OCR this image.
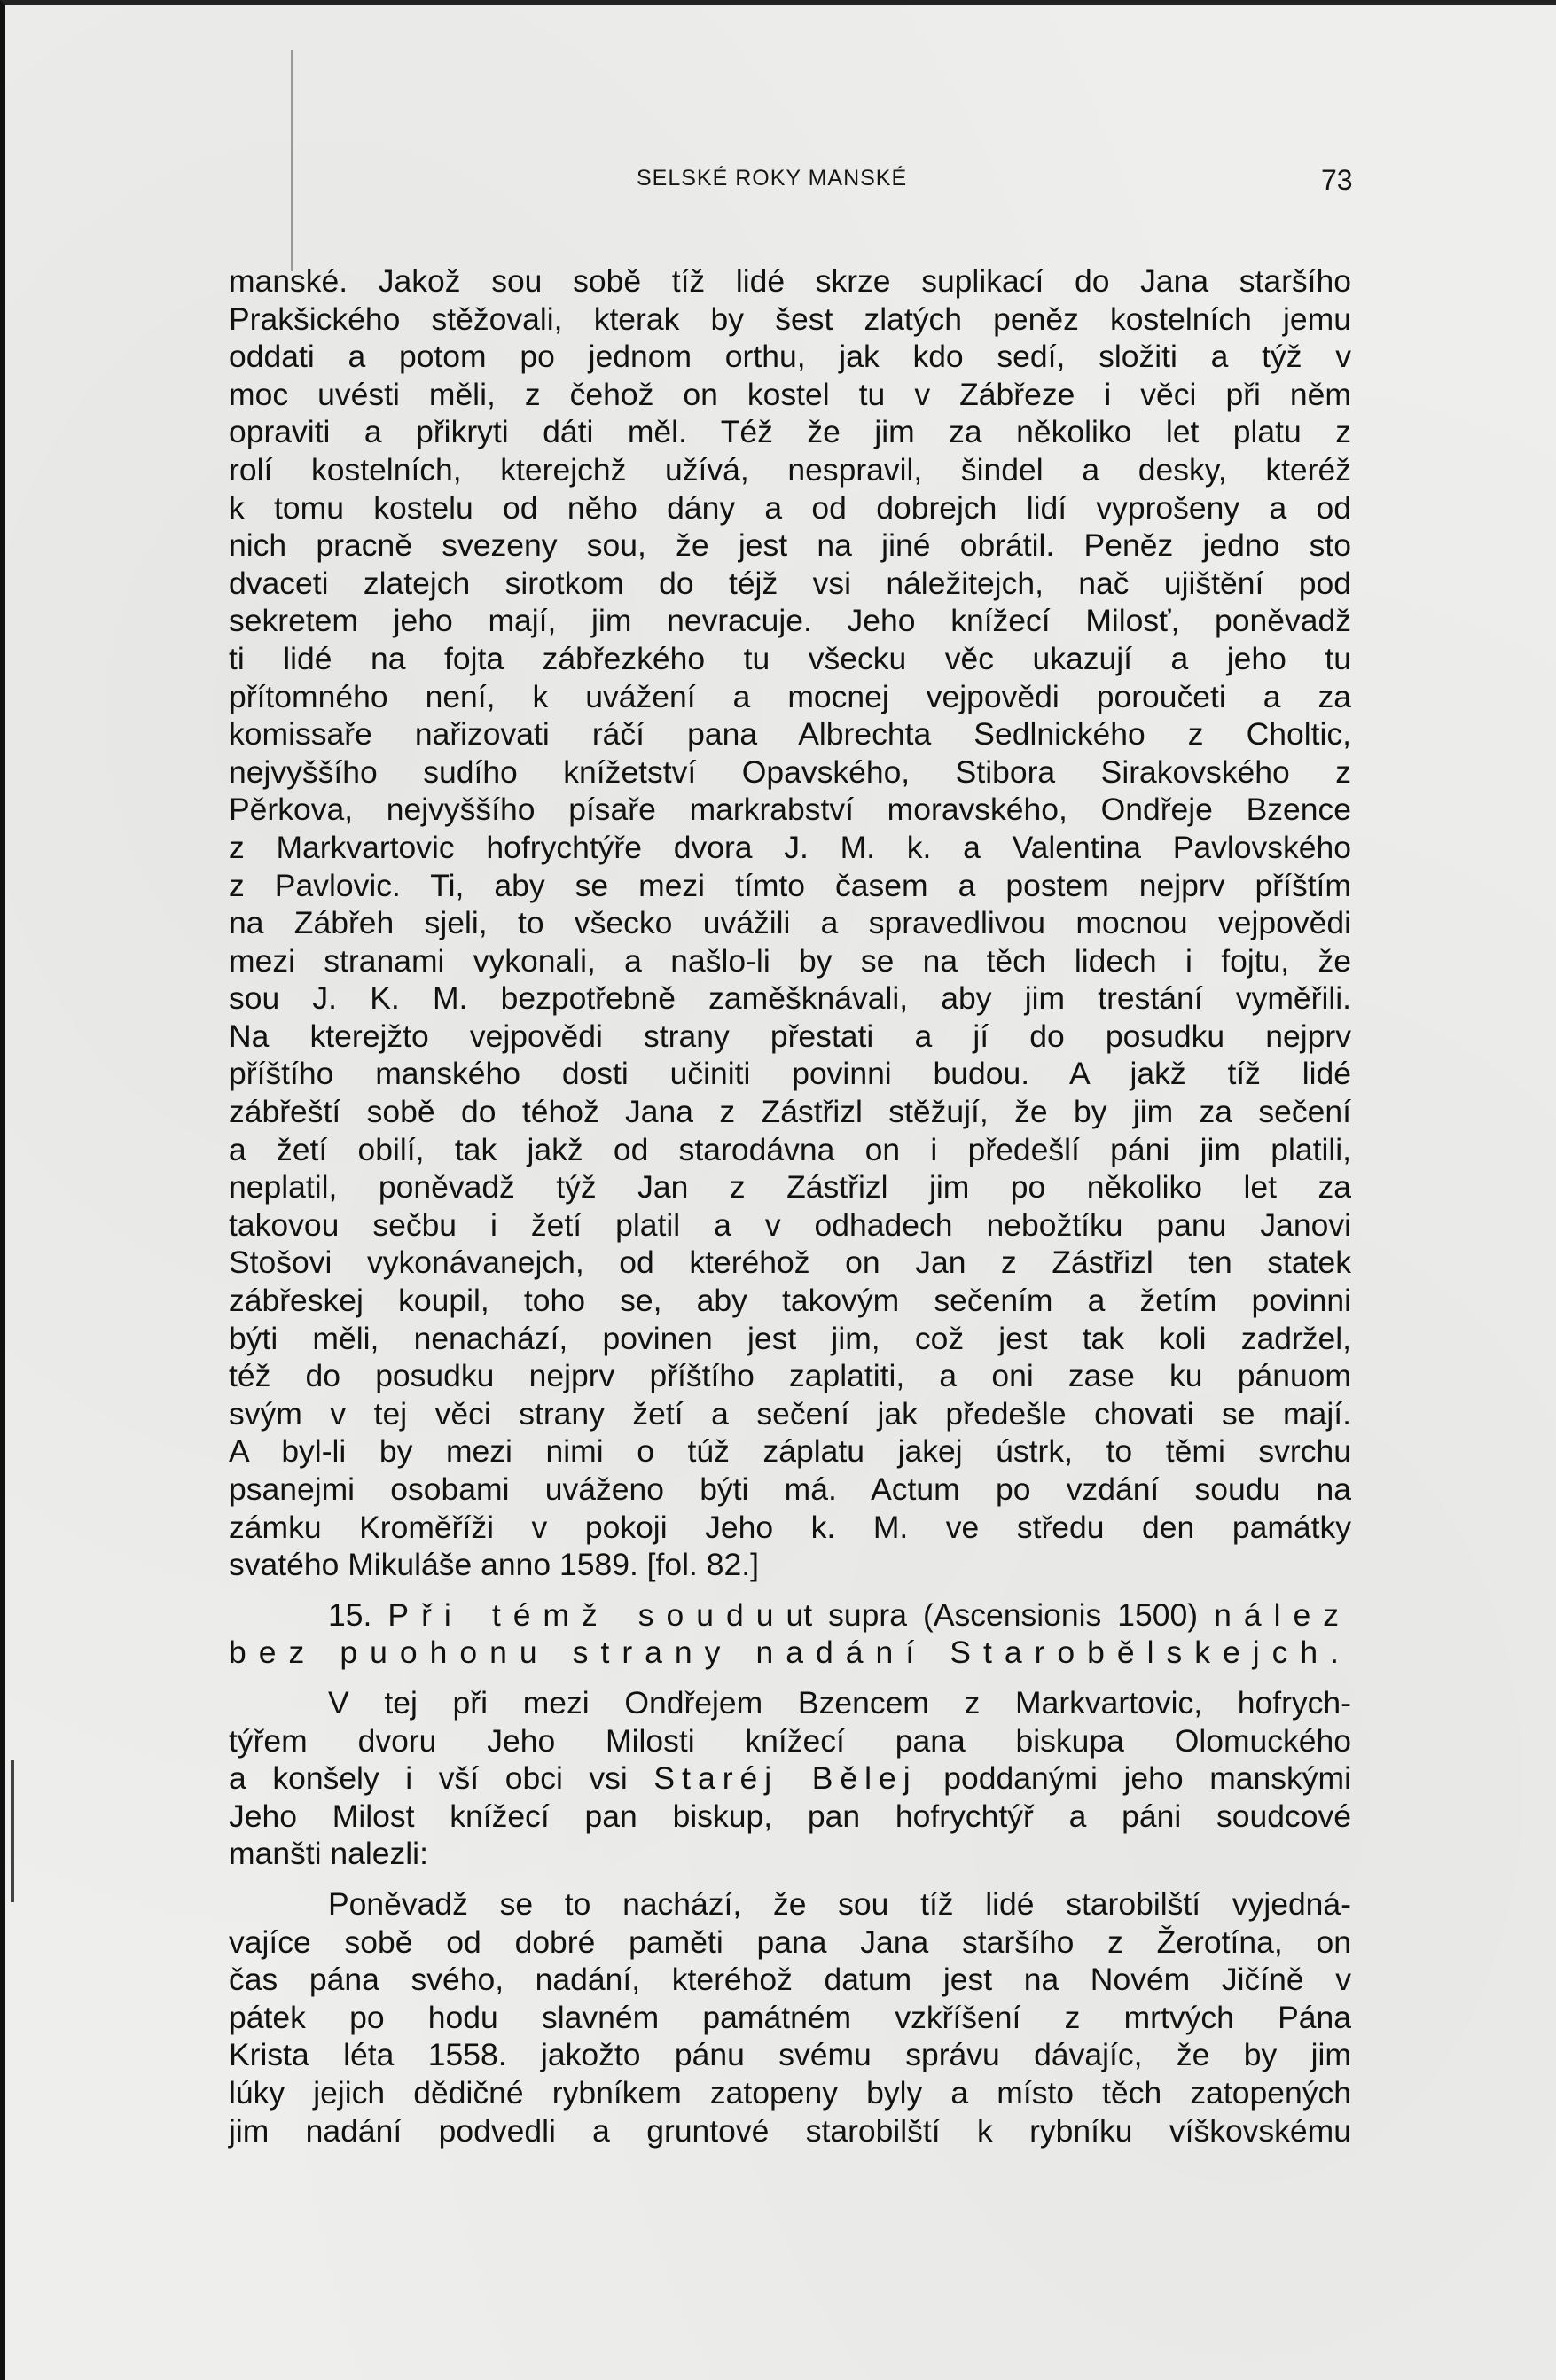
SELSKÉ ROKY MANSKÉ	73
manské. Jakož sou sobě tíž lidé skrze suplikací do Jana staršího
Prakšického stěžovali, kterak by šest zlatých peněz kostelních jemu
oddati a potom po jednom orthu, jak kdo sedí, složiti a týž v
moc uvésti měli, z čehož on kostel tu v Zábřeze i věci při něm
opraviti a přikryti dáti měl. Též že jim za několiko let platu z
rolí kostelních, kterejchž užívá, nespravil, šindel a desky, kteréž
k tomu kostelu od něho dány a od dobrejch lidí vyprošeny a od
nich pracně svezeny sou, že jest na jiné obrátil. Peněz jedno sto
dvaceti zlatejch sirotkom do téjž vsi náležitejch, nač ujištění pod
sekretem jeho mají, jim nevracuje. Jeho knížecí Milosť, poněvadž
ti lidé na fojta zábřezkého tu všecku věc ukazují a jeho tu
přítomného není, k uvážení a mocnej vejpovědi poroučeti a za
komissaře nařizovati ráčí pana Albrechta Sedlnického z Choltic,
nejvyššího sudího knížetství Opavského, Stibora Sirakovského z
Pěrkova, nejvyššího písaře markrabství moravského, Ondřeje Bzence
z Markvartovic hofrychtýře dvora J. M. k. a Valentina Pavlovského
z Pavlovic. Ti, aby se mezi tímto časem a postem nejprv příštím
na Zábřeh sjeli, to všecko uvážili a spravedlivou mocnou vejpovědi
mezi stranami vykonali, a našlo-li by se na těch lidech i fojtu, že
sou J. K. M. bezpotřebně zaměšknávali, aby jim trestání vyměřili.
Na kterejžto vejpovědi strany přestati a jí do posudku nejprv
příštího manského dosti učiniti povinni budou. A jakž tíž lidé
zábřeští sobě do téhož Jana z Zástřizl stěžují, že by jim za sečení
a žetí obilí, tak jakž od starodávna on i předešlí páni jim platili,
neplatil, poněvadž týž Jan z Zástřizl jim po několiko let za
takovou sečbu i žetí platil a v odhadech nebožtíku panu Janovi
Stošovi vykonávanejch, od kteréhož on Jan z Zástřizl ten statek
zábřeskej koupil, toho se, aby takovým sečením a žetím povinni
býti měli, nenachází, povinen jest jim, což jest tak koli zadržel,
též do posudku nejprv příštího zaplatiti, a oni zase ku pánuom
svým v tej věci strany žetí a sečení jak předešle chovati se mají.
A byl-li by mezi nimi o túž záplatu jakej ústrk, to těmi svrchu
psanejmi osobami uváženo býti má. Actum po vzdání soudu na
zámku Kroměříži v pokoji Jeho k. M. ve středu den památky
svatého Mikuláše anno 1589. [fol. 82.]
15. Při témž souduut supra (Ascensionis 1500) nález
bez puohonu strany nadání Starobělskejch.
V tej při mezi Ondřejem Bzencem z Markvartovic, hofrych-
týřem dvoru Jeho Milosti knížecí pana biskupa Olomuckého
a konšely i vší obci vsi Staréj Bělej poddanými jeho manskými
Jeho Milost knížecí pan biskup, pan hofrychtýř a páni soudcové
manšti nalezli:
Poněvadž se to nachází, že sou tíž lidé starobilští vyjedná-
vajíce sobě od dobré paměti pana Jana staršího z Žerotína, on
čas pána svého, nadání, kteréhož datum jest na Novém Jičíně v
pátek po hodu slavném památném vzkříšení z mrtvých Pána
Krista léta 1558. jakožto pánu svému správu dávajíc, že by jim
lúky jejich dědičné rybníkem zatopeny byly a místo těch zatopených
jim nadání podvedli a gruntové starobilští k rybníku víškovskému
